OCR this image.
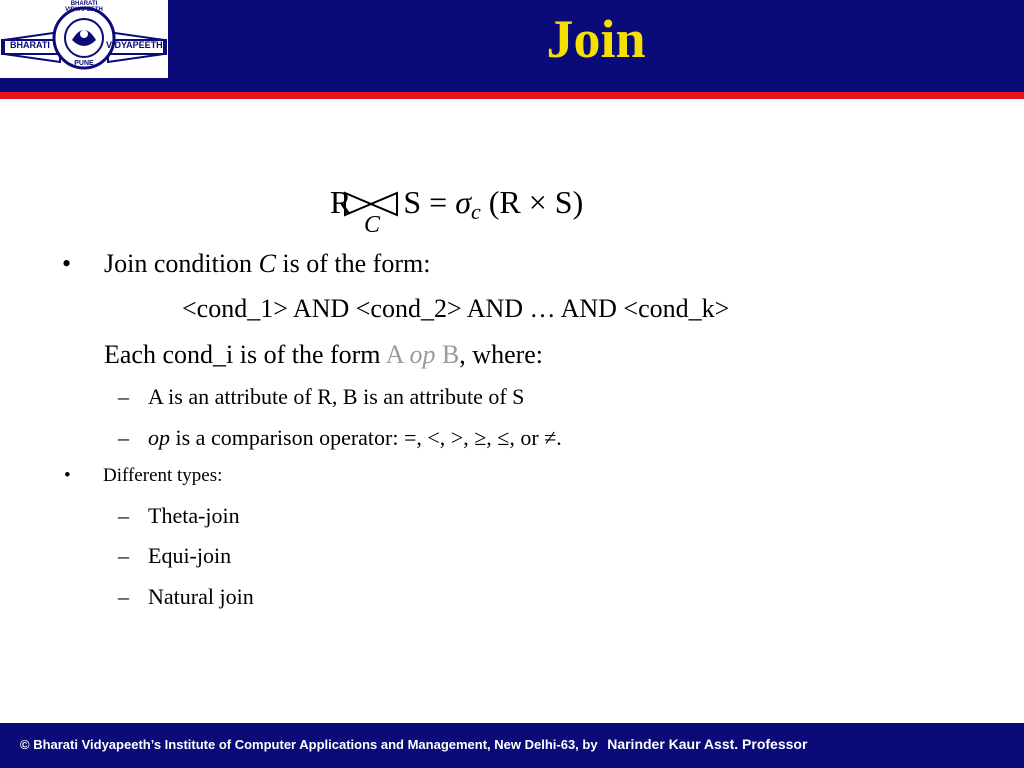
BHARATI	VIDYAPEETH
BHARATI VIDYAPEETH
PUNE	Join
R $S = \sigma_c$ (R × S)
C
• Join condition C is of the form:
<cond_1> AND <cond_2> AND … AND <cond_k>
Each cond_i is of the form A op B, where:
– A is an attribute of R, B is an attribute of S
– op is a comparison operator: =, <, >, ≥, ≤, or ≠.
• Different types:
– Theta-join
– Equi-join
– Natural join
© Bharati Vidyapeeth’s Institute of Computer Applications and Management, New Delhi-63, by Narinder Kaur Asst. Professor
